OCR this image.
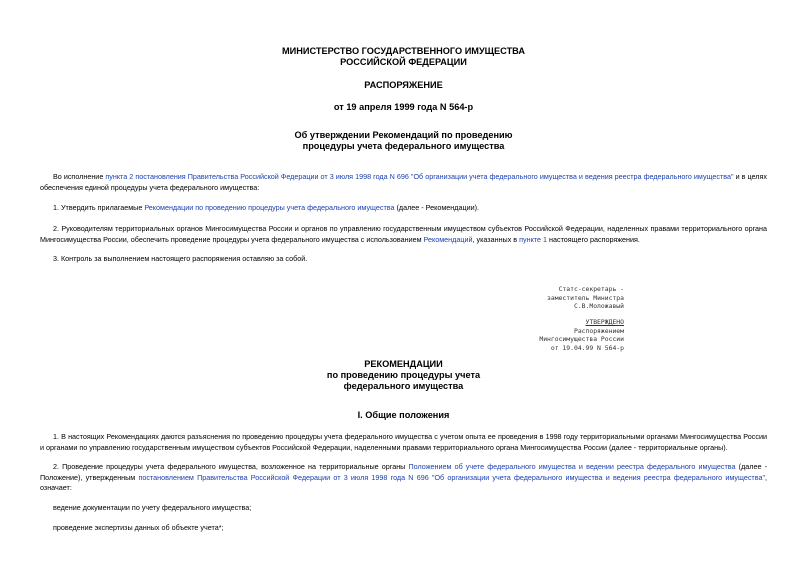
МИНИСТЕРСТВО ГОСУДАРСТВЕННОГО ИМУЩЕСТВА
РОССИЙСКОЙ ФЕДЕРАЦИИ
РАСПОРЯЖЕНИЕ
от 19 апреля 1999 года N 564-р
Об утверждении Рекомендаций по проведению
процедуры учета федерального имущества
Во исполнение пункта 2 постановления Правительства Российской Федерации от 3 июля 1998 года N 696 "Об организации учета федерального имущества и ведения реестра федерального имущества" и в целях обеспечения единой процедуры учета федерального имущества:
1. Утвердить прилагаемые Рекомендации по проведению процедуры учета федерального имущества (далее - Рекомендации).
2. Руководителям территориальных органов Мингосимущества России и органов по управлению государственным имуществом субъектов Российской Федерации, наделенных правами территориального органа Мингосимущества России, обеспечить проведение процедуры учета федерального имущества с использованием Рекомендаций, указанных в пункте 1 настоящего распоряжения.
3. Контроль за выполнением настоящего распоряжения оставляю за собой.
Статс-секретарь -
заместитель Министра
С.В.Моложавый
УТВЕРЖДЕНО
Распоряжением
Мингосимущества России
от 19.04.99 N 564-р
РЕКОМЕНДАЦИИ
по проведению процедуры учета
федерального имущества
I. Общие положения
1. В настоящих Рекомендациях даются разъяснения по проведению процедуры учета федерального имущества с учетом опыта ее проведения в 1998 году территориальными органами Мингосимущества России и органами по управлению государственным имуществом субъектов Российской Федерации, наделенными правами территориального органа Мингосимущества России (далее - территориальные органы).
2. Проведение процедуры учета федерального имущества, возложенное на территориальные органы Положением об учете федерального имущества и ведении реестра федерального имущества (далее - Положение), утвержденным постановлением Правительства Российской Федерации от 3 июля 1998 года N 696 "Об организации учета федерального имущества и ведения реестра федерального имущества", означает:
ведение документации по учету федерального имущества;
проведение экспертизы данных об объекте учета*;
